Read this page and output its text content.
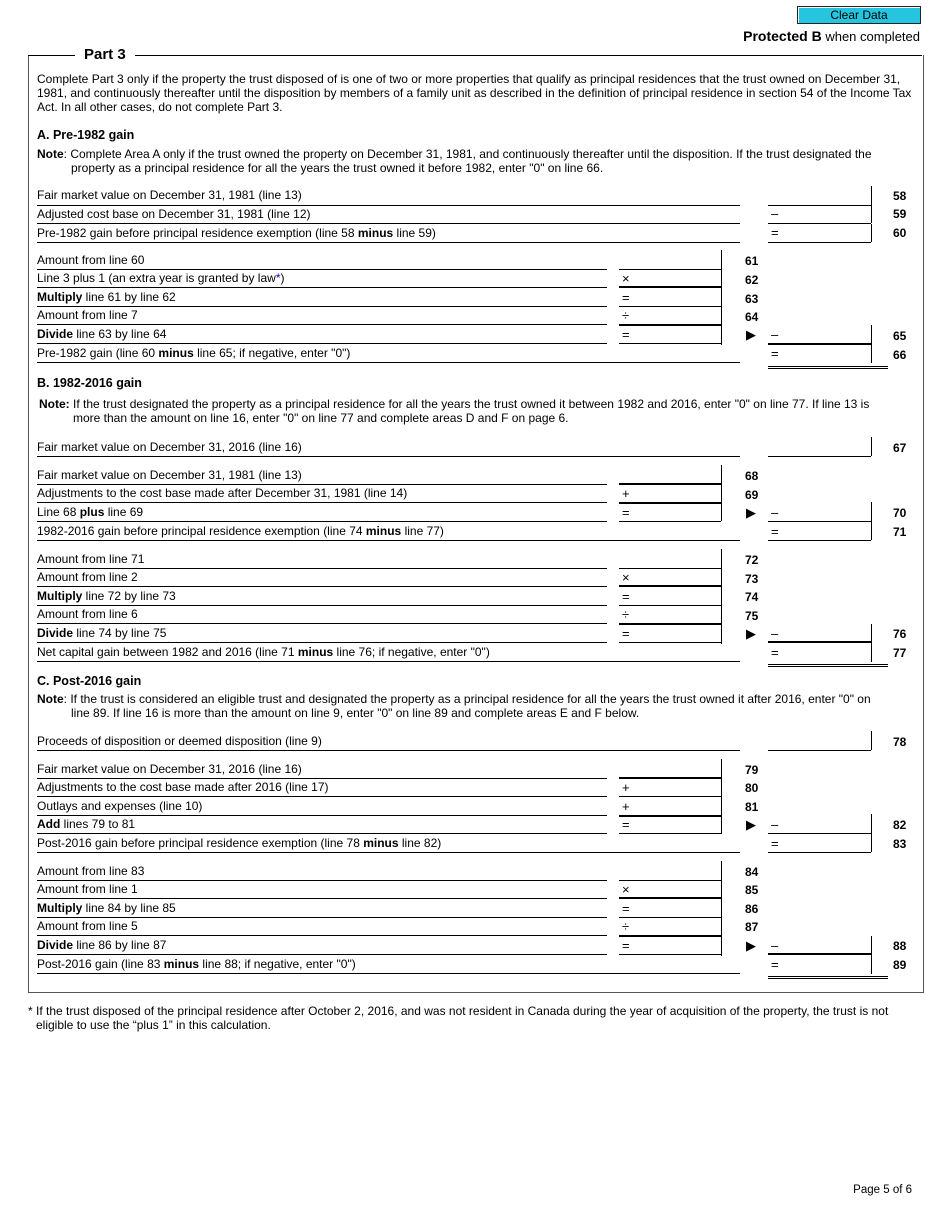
Clear Data
Protected B when completed
Part 3
Complete Part 3 only if the property the trust disposed of is one of two or more properties that qualify as principal residences that the trust owned on December 31, 1981, and continuously thereafter until the disposition by members of a family unit as described in the definition of principal residence in section 54 of the Income Tax Act. In all other cases, do not complete Part 3.
A. Pre-1982 gain
Note: Complete Area A only if the trust owned the property on December 31, 1981, and continuously thereafter until the disposition. If the trust designated the
property as a principal residence for all the years the trust owned it before 1982, enter "0" on line 66.
Fair market value on December 31, 1981 (line 13)	58
Adjusted cost base on December 31, 1981 (line 12)	–	59
Pre-1982 gain before principal residence exemption (line 58 minus line 59)	=	60
Amount from line 60	61
Line 3 plus 1 (an extra year is granted by law*)	×	62
Multiply line 61 by line 62	=	63
Amount from line 7	÷	64
Divide line 63 by line 64	=	▶ –	65
Pre-1982 gain (line 60 minus line 65; if negative, enter "0")	=	66
B. 1982-2016 gain
Note: If the trust designated the property as a principal residence for all the years the trust owned it between 1982 and 2016, enter "0" on line 77. If line 13 is
more than the amount on line 16, enter "0" on line 77 and complete areas D and F on page 6.
Fair market value on December 31, 2016 (line 16)	67
Fair market value on December 31, 1981 (line 13)	68
Adjustments to the cost base made after December 31, 1981 (line 14)	+	69
Line 68 plus line 69	=	▶ –	70
1982-2016 gain before principal residence exemption (line 74 minus line 77)	=	71
Amount from line 71	72
Amount from line 2	×	73
Multiply line 72 by line 73	=	74
Amount from line 6	÷	75
Divide line 74 by line 75	=	▶ –	76
Net capital gain between 1982 and 2016 (line 71 minus line 76; if negative, enter "0")	=	77
C. Post-2016 gain
Note: If the trust is considered an eligible trust and designated the property as a principal residence for all the years the trust owned it after 2016, enter "0" on
line 89. If line 16 is more than the amount on line 9, enter "0" on line 89 and complete areas E and F below.
Proceeds of disposition or deemed disposition (line 9)	78
Fair market value on December 31, 2016 (line 16)	79
Adjustments to the cost base made after 2016 (line 17)	+	80
Outlays and expenses (line 10)	+	81
Add lines 79 to 81	=	▶ –	82
Post-2016 gain before principal residence exemption (line 78 minus line 82)	=	83
Amount from line 83	84
Amount from line 1	×	85
Multiply line 84 by line 85	=	86
Amount from line 5	÷	87
Divide line 86 by line 87	=	▶ –	88
Post-2016 gain (line 83 minus line 88; if negative, enter "0")	=	89
* If the trust disposed of the principal residence after October 2, 2016, and was not resident in Canada during the year of acquisition of the property, the trust is not
eligible to use the “plus 1” in this calculation.
Page 5 of 6
